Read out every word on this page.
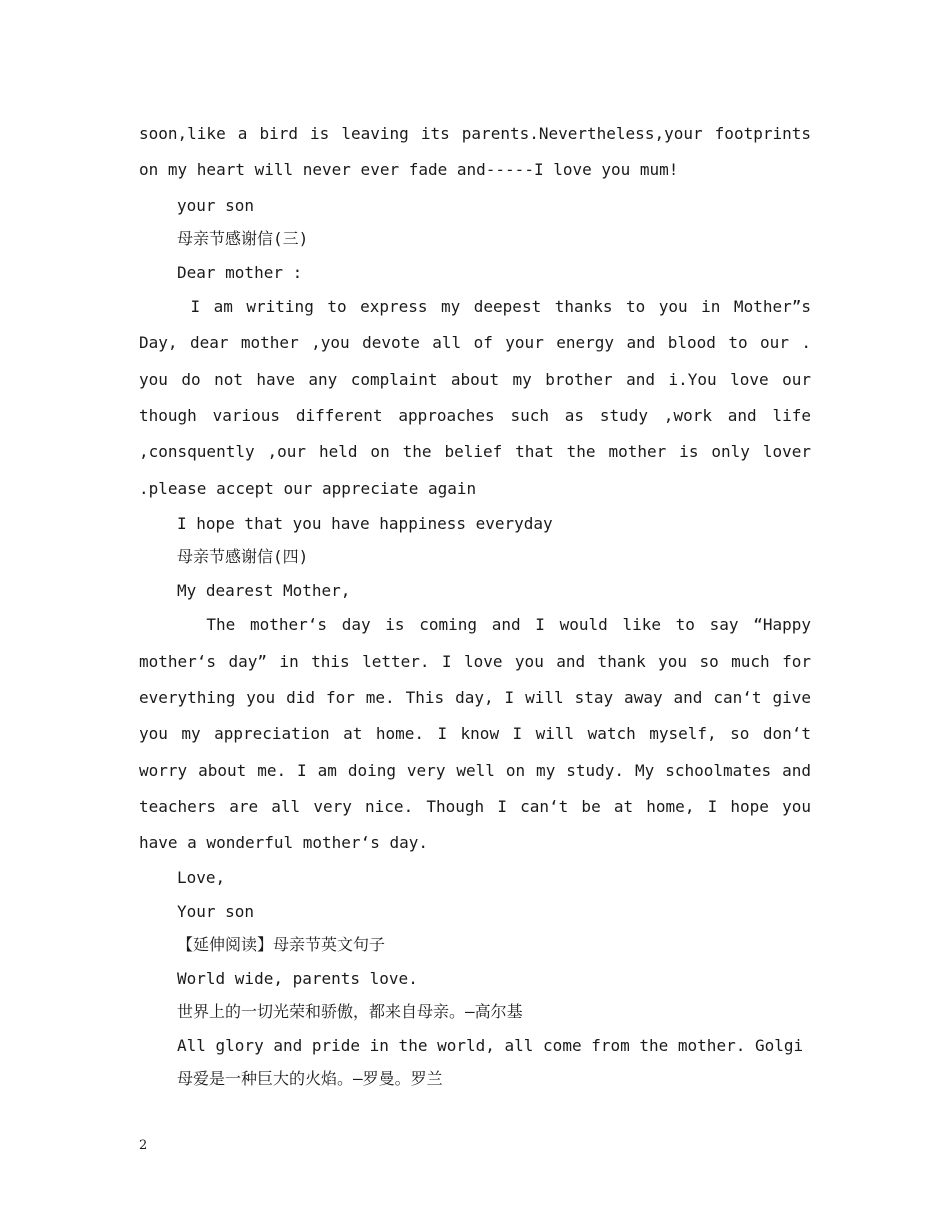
soon,like a bird is leaving its parents.Nevertheless,your footprints on my heart will never ever fade and-----I love you mum!

your son

母亲节感谢信(三)

Dear mother :

I am writing to express my deepest thanks to you in Mother”s Day, dear mother ,you devote all of your energy and blood to our . you do not have any complaint about my brother and i.You love our though various different approaches such as study ,work and life ,consquently ,our held on the belief that the mother is only lover .please accept our appreciate again

I hope that you have happiness everyday

母亲节感谢信(四)

My dearest Mother,

The mother‘s day is coming and I would like to say “Happy mother‘s day” in this letter. I love you and thank you so much for everything you did for me. This day, I will stay away and can‘t give you my appreciation at home. I know I will watch myself, so don‘t worry about me. I am doing very well on my study. My schoolmates and teachers are all very nice. Though I can‘t be at home, I hope you have a wonderful mother‘s day.

Love,

Your son

【延伸阅读】母亲节英文句子

World wide, parents love.

世界上的一切光荣和骄傲，都来自母亲。—高尔基

All glory and pride in the world, all come from the mother. Golgi

母爱是一种巨大的火焰。—罗曼。罗兰

2
